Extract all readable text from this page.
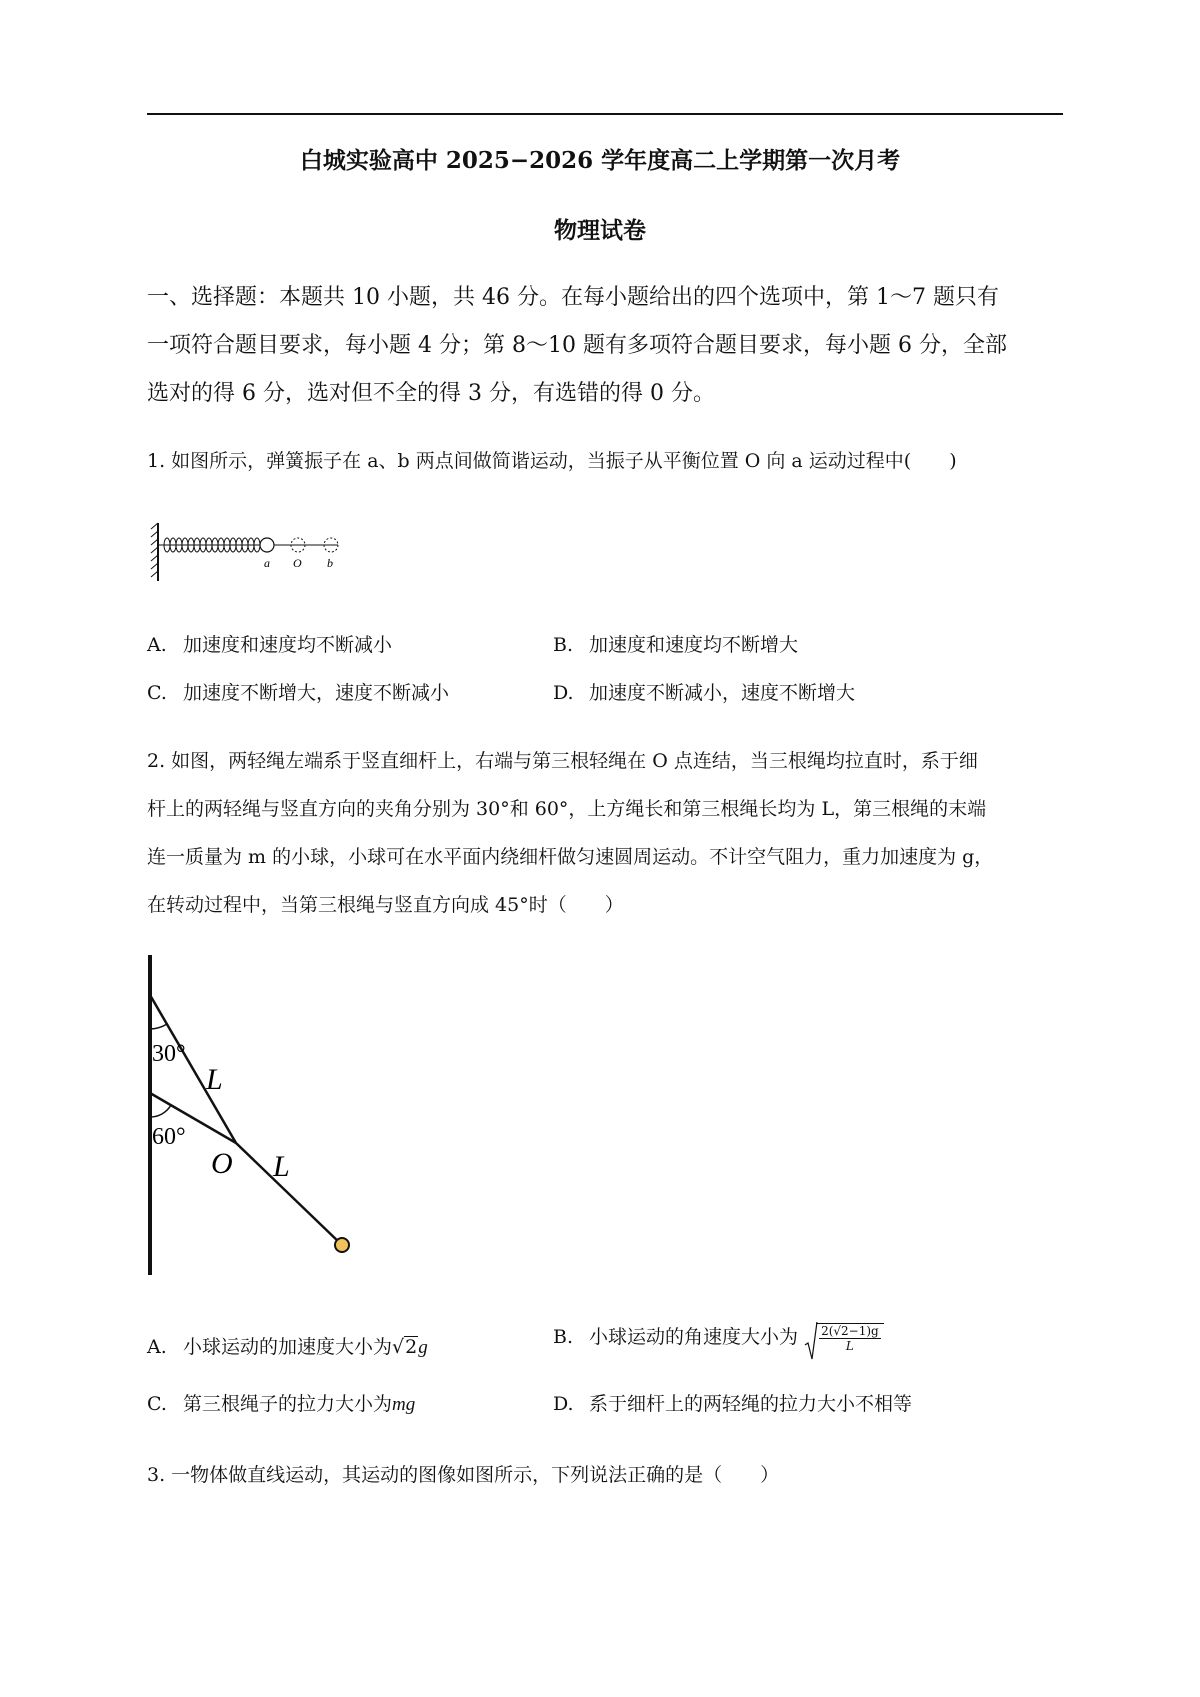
白城实验高中 2025−2026 学年度高二上学期第一次月考
物理试卷
一、选择题：本题共 10 小题，共 46 分。在每小题给出的四个选项中，第 1～7 题只有
一项符合题目要求，每小题 4 分；第 8～10 题有多项符合题目要求，每小题 6 分，全部
选对的得 6 分，选对但不全的得 3 分，有选错的得 0 分。
1. 如图所示，弹簧振子在 a、b 两点间做简谐运动，当振子从平衡位置 O 向 a 运动过程中(　　)
a O b
A. 加速度和速度均不断减小	B. 加速度和速度均不断增大
C. 加速度不断增大，速度不断减小	D. 加速度不断减小，速度不断增大
2. 如图，两轻绳左端系于竖直细杆上，右端与第三根轻绳在 O 点连结，当三根绳均拉直时，系于细
杆上的两轻绳与竖直方向的夹角分别为 30°和 60°，上方绳长和第三根绳长均为 L，第三根绳的末端
连一质量为 m 的小球，小球可在水平面内绕细杆做匀速圆周运动。不计空气阻力，重力加速度为 g，
在转动过程中，当第三根绳与竖直方向成 45°时（　　）
30°
60°
L
O L
A. 小球运动的加速度大小为√2g	B. 小球运动的角速度大小为 $\frac{2(√2-1)g}{L}$
C. 第三根绳子的拉力大小为mg	D. 系于细杆上的两轻绳的拉力大小不相等
3. 一物体做直线运动，其运动的图像如图所示，下列说法正确的是（　　）
